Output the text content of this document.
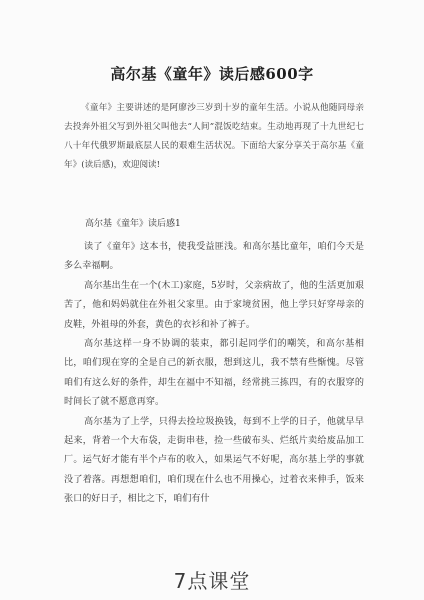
高尔基《童年》读后感600字
《童年》主要讲述的是阿廖沙三岁到十岁的童年生活。小说从他随同母亲去投奔外祖父写到外祖父叫他去“人间”混饭吃结束。生动地再现了十九世纪七八十年代俄罗斯最底层人民的艰难生活状况。下面给大家分享关于高尔基《童年》(读后感)，欢迎阅读!
高尔基《童年》读后感1

读了《童年》这本书，使我受益匪浅。和高尔基比童年，咱们今天是多么幸福啊。

高尔基出生在一个(木工)家庭，5岁时，父亲病故了，他的生活更加艰苦了，他和妈妈就住在外祖父家里。由于家境贫困，他上学只好穿母亲的皮鞋，外祖母的外套，黄色的衣衫和补了裤子。

高尔基这样一身不协调的装束，都引起同学们的嘲笑，和高尔基相比，咱们现在穿的全是自己的新衣服，想到这儿，我不禁有些惭愧。尽管咱们有这么好的条件，却生在福中不知福，经常挑三拣四，有的衣服穿的时间长了就不愿意再穿。

高尔基为了上学，只得去捡垃圾换钱，每到不上学的日子，他就早早起来，背着一个大布袋，走街串巷，捡一些破布头、烂纸片卖给废品加工厂。运气好才能有半个卢布的收入，如果运气不好呢，高尔基上学的事就没了着落。再想想咱们，咱们现在什么也不用操心，过着衣来伸手，饭来张口的好日子，相比之下，咱们有什

7点课堂
